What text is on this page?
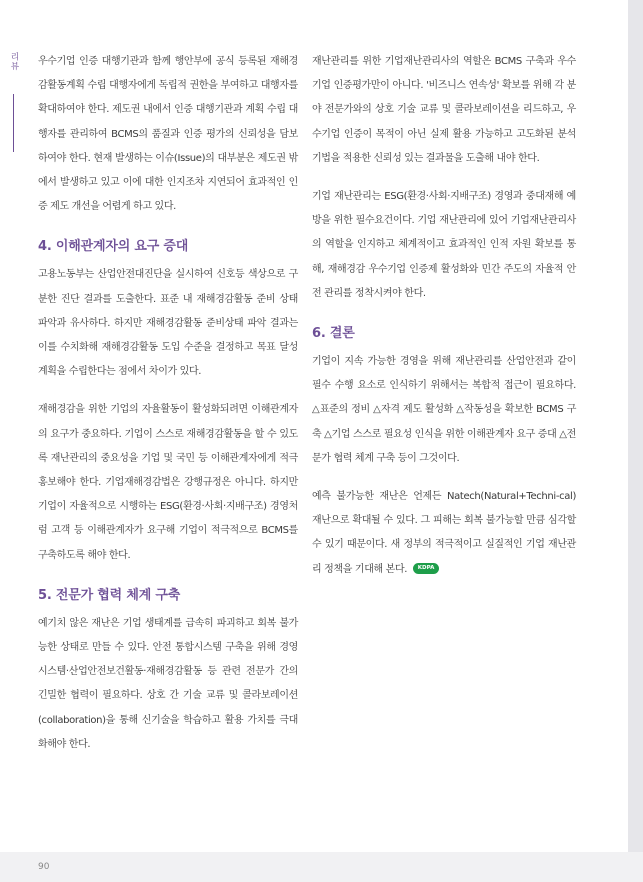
리뷰 우수기업 인증 대행기관과 함께 행안부에 공식 등록된 재해경감활동계획 수립 대행자에게 독립적 권한을 부여하고 대행자를 확대하여야 한다. 제도권 내에서 인증 대행기관과 계획 수립 대행자를 관리하여 BCMS의 품질과 인증 평가의 신뢰성을 담보하여야 한다. 현재 발생하는 이슈(Issue)의 대부분은 제도권 밖에서 발생하고 있고 이에 대한 인지조차 지연되어 효과적인 인증 제도 개선을 어렵게 하고 있다.

4. 이해관계자의 요구 증대

고용노동부는 산업안전대진단을 실시하여 신호등 색상으로 구분한 진단 결과를 도출한다. 표준 내 재해경감활동 준비 상태 파악과 유사하다. 하지만 재해경감활동 준비상태 파악 결과는 이를 수치화해 재해경감활동 도입 수준을 결정하고 목표 달성 계획을 수립한다는 점에서 차이가 있다.

재해경감을 위한 기업의 자율활동이 활성화되려면 이해관계자의 요구가 중요하다. 기업이 스스로 재해경감활동을 할 수 있도록 재난관리의 중요성을 기업 및 국민 등 이해관계자에게 적극 홍보해야 한다. 기업재해경감법은 강행규정은 아니다. 하지만 기업이 자율적으로 시행하는 ESG(환경·사회·지배구조) 경영처럼 고객 등 이해관계자가 요구해 기업이 적극적으로 BCMS를 구축하도록 해야 한다.

5. 전문가 협력 체계 구축

예기치 않은 재난은 기업 생태계를 급속히 파괴하고 회복 불가능한 상태로 만들 수 있다. 안전 통합시스템 구축을 위해 경영시스템·산업안전보건활동·재해경감활동 등 관련 전문가 간의 긴밀한 협력이 필요하다. 상호 간 기술 교류 및 콜라보레이션(collaboration)을 통해 신기술을 학습하고 활용 가치를 극대화해야 한다.

재난관리를 위한 기업재난관리사의 역할은 BCMS 구축과 우수기업 인증평가만이 아니다. '비즈니스 연속성' 확보를 위해 각 분야 전문가와의 상호 기술 교류 및 콜라보레이션을 리드하고, 우수기업 인증이 목적이 아닌 실제 활용 가능하고 고도화된 분석 기법을 적용한 신뢰성 있는 결과물을 도출해 내야 한다.

기업 재난관리는 ESG(환경·사회·지배구조) 경영과 중대재해 예방을 위한 필수요건이다. 기업 재난관리에 있어 기업재난관리사의 역할을 인지하고 체계적이고 효과적인 인적 자원 확보를 통해, 재해경감 우수기업 인증제 활성화와 민간 주도의 자율적 안전 관리를 정착시켜야 한다.

6. 결론

기업이 지속 가능한 경영을 위해 재난관리를 산업안전과 같이 필수 수행 요소로 인식하기 위해서는 복합적 접근이 필요하다. △표준의 정비 △자격 제도 활성화 △작동성을 확보한 BCMS 구축 △기업 스스로 필요성 인식을 위한 이해관계자 요구 증대 △전문가 협력 체계 구축 등이 그것이다.

예측 불가능한 재난은 언제든 Natech(Natural+Techni-cal) 재난으로 확대될 수 있다. 그 피해는 회복 불가능할 만큼 심각할 수 있기 때문이다. 새 정부의 적극적이고 실질적인 기업 재난관리 정책을 기대해 본다. KDPA

90
